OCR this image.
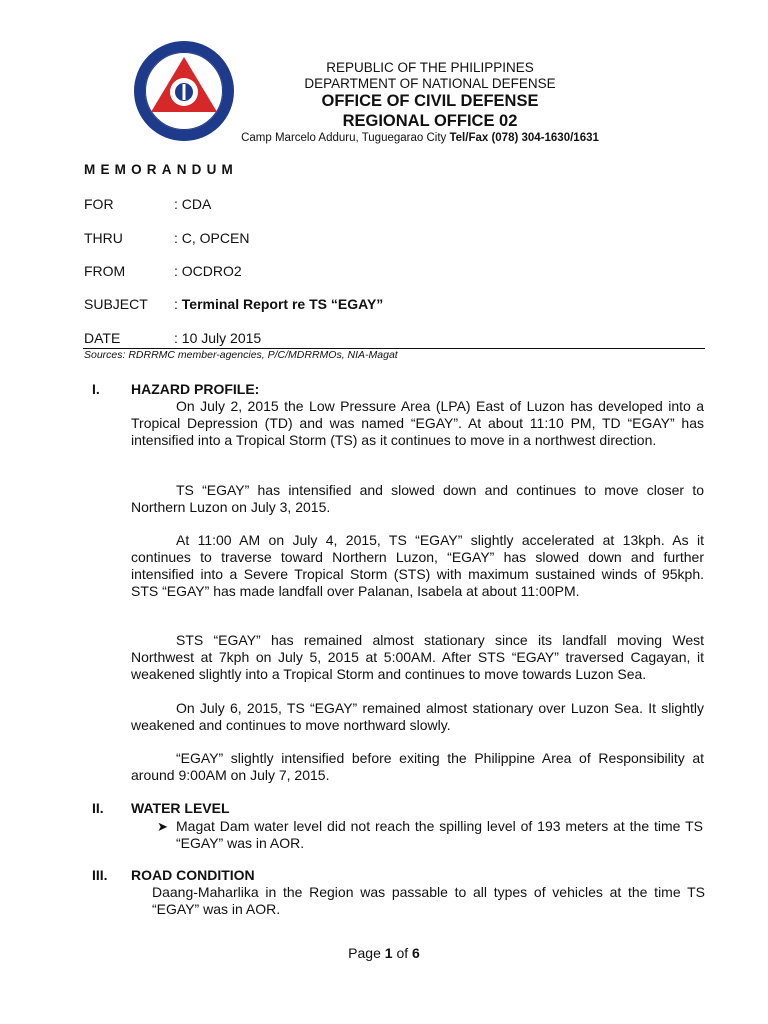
REPUBLIC OF THE PHILIPPINES
DEPARTMENT OF NATIONAL DEFENSE
OFFICE OF CIVIL DEFENSE
REGIONAL OFFICE 02
Camp Marcelo Adduru, Tuguegarao City Tel/Fax (078) 304-1630/1631
MEMORANDUM
FOR	: CDA
THRU	: C, OPCEN
FROM	: OCDRO2
SUBJECT : Terminal Report re TS “EGAY”
DATE	: 10 July 2015
Sources: RDRRMC member-agencies, P/C/MDRRMOs, NIA-Magat
I. HAZARD PROFILE:

On July 2, 2015 the Low Pressure Area (LPA) East of Luzon has developed into a Tropical Depression (TD) and was named “EGAY”. At about 11:10 PM, TD “EGAY” has intensified into a Tropical Storm (TS) as it continues to move in a northwest direction.

TS “EGAY” has intensified and slowed down and continues to move closer to Northern Luzon on July 3, 2015.

At 11:00 AM on July 4, 2015, TS “EGAY” slightly accelerated at 13kph. As it continues to traverse toward Northern Luzon, “EGAY” has slowed down and further intensified into a Severe Tropical Storm (STS) with maximum sustained winds of 95kph. STS “EGAY” has made landfall over Palanan, Isabela at about 11:00PM.

STS “EGAY” has remained almost stationary since its landfall moving West Northwest at 7kph on July 5, 2015 at 5:00AM. After STS “EGAY” traversed Cagayan, it weakened slightly into a Tropical Storm and continues to move towards Luzon Sea.

On July 6, 2015, TS “EGAY” remained almost stationary over Luzon Sea. It slightly weakened and continues to move northward slowly.

“EGAY” slightly intensified before exiting the Philippine Area of Responsibility at around 9:00AM on July 7, 2015.

II. WATER LEVEL
➤ Magat Dam water level did not reach the spilling level of 193 meters at the time TS “EGAY” was in AOR.

III. ROAD CONDITION

Daang-Maharlika in the Region was passable to all types of vehicles at the time TS “EGAY” was in AOR.

Page 1 of 6
